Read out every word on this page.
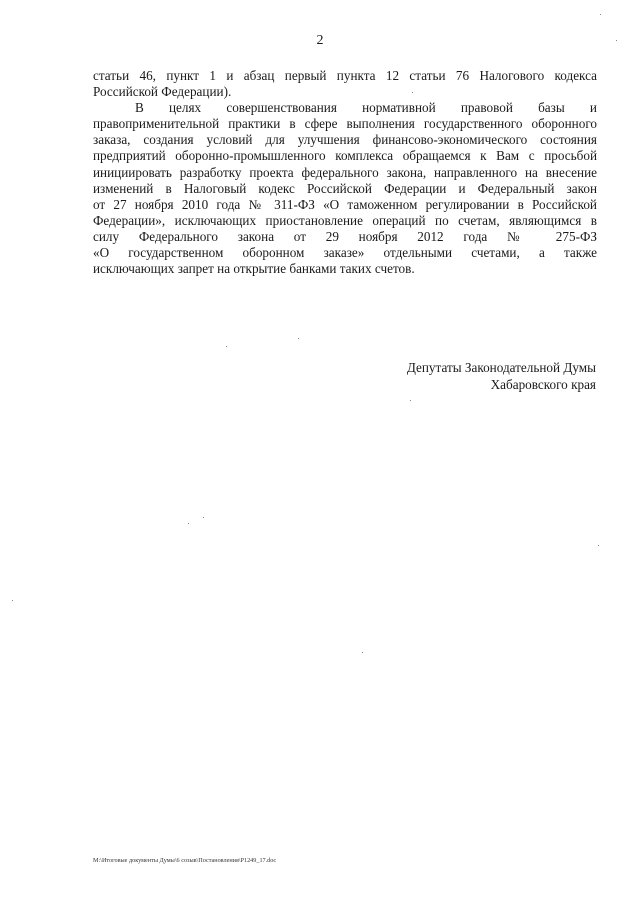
2
статьи 46, пункт 1 и абзац первый пункта 12 статьи 76 Налогового кодекса
Российской Федерации).
В целях совершенствования нормативной правовой базы и
правоприменительной практики в сфере выполнения государственного оборонного
заказа, создания условий для улучшения финансово-экономического состояния
предприятий оборонно-промышленного комплекса обращаемся к Вам с просьбой
инициировать разработку проекта федерального закона, направленного на внесение
изменений в Налоговый кодекс Российской Федерации и Федеральный закон
от 27 ноября 2010 года № 311-ФЗ «О таможенном регулировании в Российской
Федерации», исключающих приостановление операций по счетам, являющимся в
силу Федерального закона от 29 ноября 2012 года № 275-ФЗ
«О государственном оборонном заказе» отдельными счетами, а также
исключающих запрет на открытие банками таких счетов.
Депутаты Законодательной Думы
Хабаровского края
M:\Итоговые документы Думы\6 созыв\Постановления\P1249_17.doc
